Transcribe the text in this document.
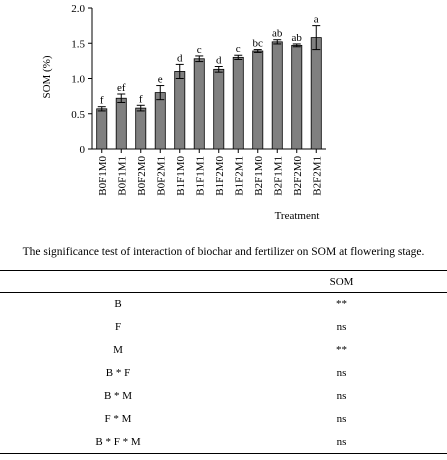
0
0.5
1.0
1.5
2.0
f
B0F1M0
ef
B0F1M1
f
B0F2M0
e
B0F2M1
d
B1F1M0
c
B1F1M1
d
B1F2M0
c
B1F2M1
bc
B2F1M0
ab
B2F1M1
ab
B2F2M0
a
B2F2M1
SOM (%)
Treatment
The significance test of interaction of biochar and fertilizer on SOM at flowering stage.
	SOM
B	**
F	ns
M	**
B * F	ns
B * M	ns
F * M	ns
B * F * M	ns
